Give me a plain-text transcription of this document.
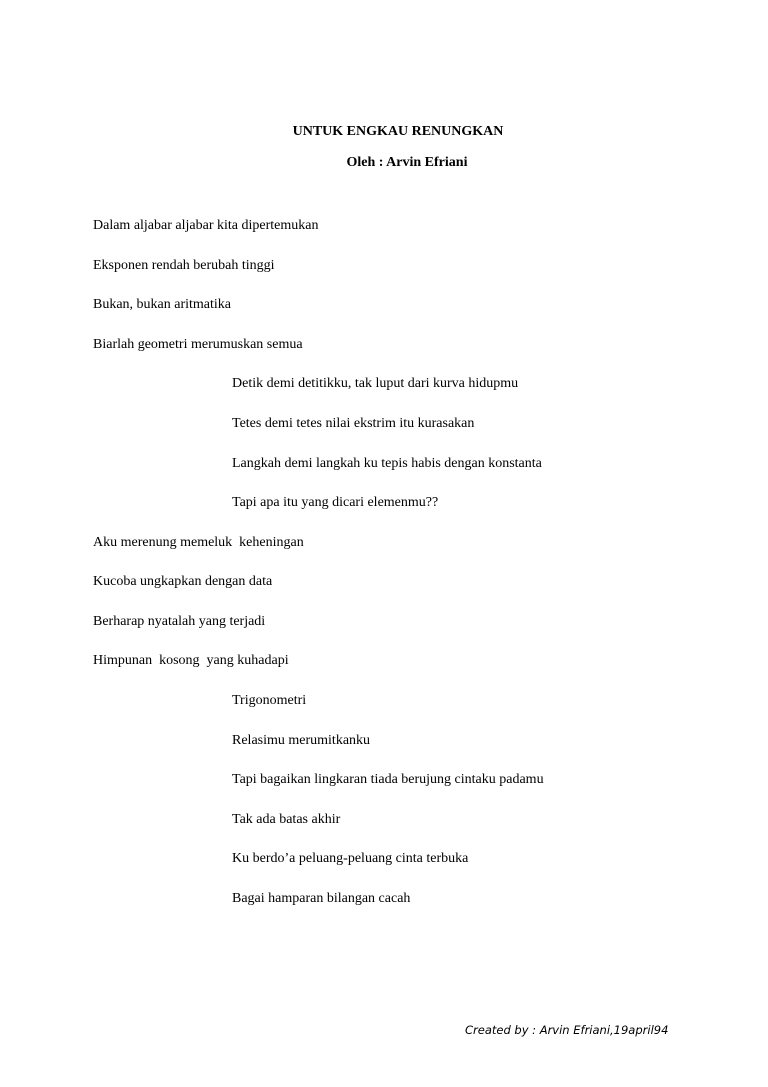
UNTUK ENGKAU RENUNGKAN
Oleh : Arvin Efriani
Dalam aljabar aljabar kita dipertemukan
Eksponen rendah berubah tinggi
Bukan, bukan aritmatika
Biarlah geometri merumuskan semua
Detik demi detitikku, tak luput dari kurva hidupmu
Tetes demi tetes nilai ekstrim itu kurasakan
Langkah demi langkah ku tepis habis dengan konstanta
Tapi apa itu yang dicari elemenmu??
Aku merenung memeluk  keheningan
Kucoba ungkapkan dengan data
Berharap nyatalah yang terjadi
Himpunan  kosong  yang kuhadapi
Trigonometri
Relasimu merumitkanku
Tapi bagaikan lingkaran tiada berujung cintaku padamu
Tak ada batas akhir
Ku berdo’a peluang-peluang cinta terbuka
Bagai hamparan bilangan cacah
Created by : Arvin Efriani,19april94
